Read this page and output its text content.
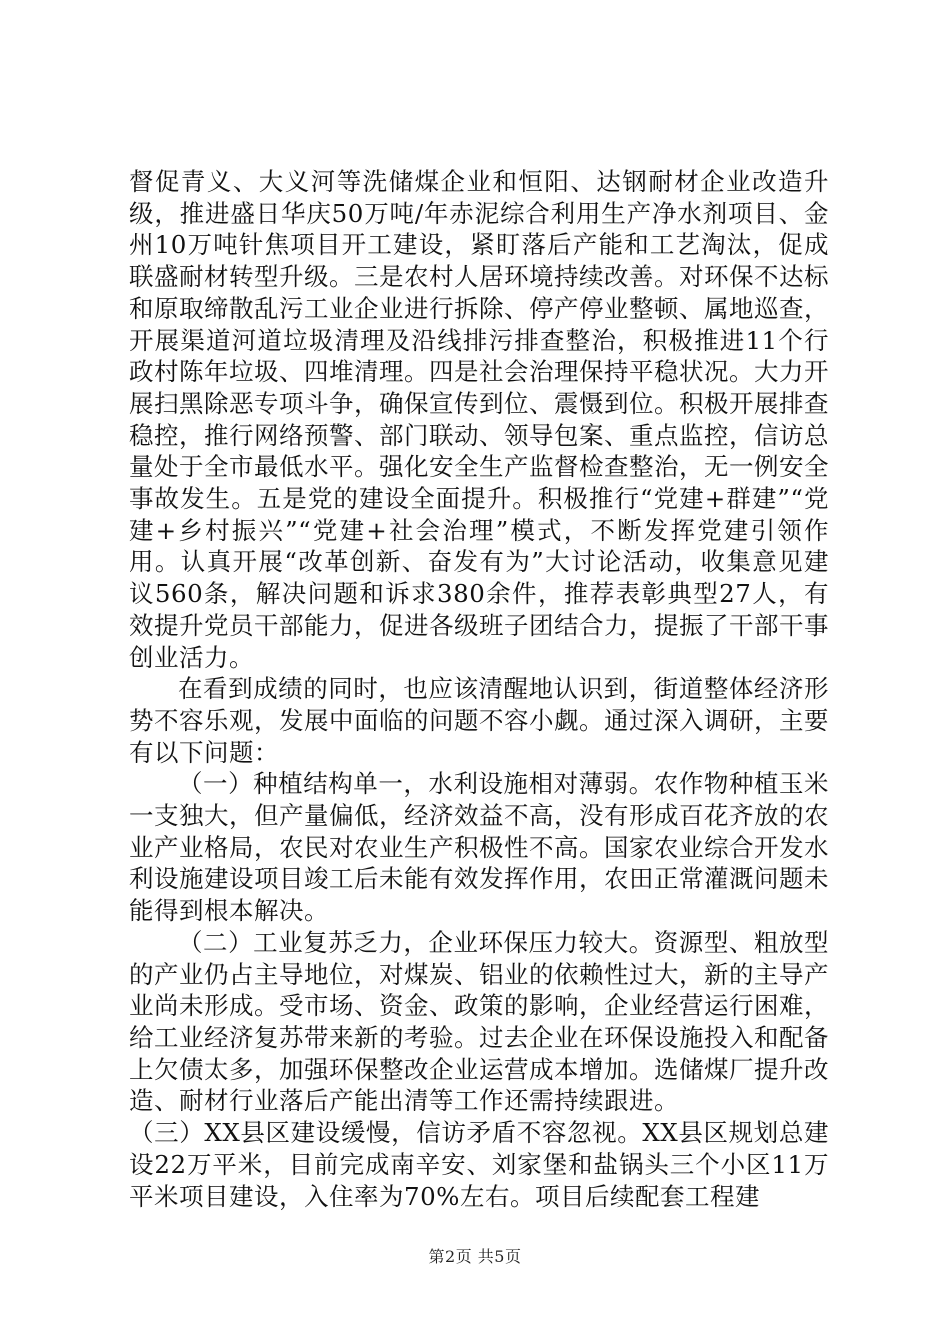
督促青义、大义河等洗储煤企业和恒阳、达钢耐材企业改造升级，推进盛日华庆50万吨/年赤泥综合利用生产净水剂项目、金州10万吨针焦项目开工建设，紧盯落后产能和工艺淘汰，促成联盛耐材转型升级。三是农村人居环境持续改善。对环保不达标和原取缔散乱污工业企业进行拆除、停产停业整顿、属地巡查，开展渠道河道垃圾清理及沿线排污排查整治，积极推进11个行政村陈年垃圾、四堆清理。四是社会治理保持平稳状况。大力开展扫黑除恶专项斗争，确保宣传到位、震慑到位。积极开展排查稳控，推行网络预警、部门联动、领导包案、重点监控，信访总量处于全市最低水平。强化安全生产监督检查整治，无一例安全事故发生。五是党的建设全面提升。积极推行“党建+群建”“党建+乡村振兴”“党建+社会治理”模式，不断发挥党建引领作用。认真开展“改革创新、奋发有为”大讨论活动，收集意见建议560条，解决问题和诉求380余件，推荐表彰典型27人，有效提升党员干部能力，促进各级班子团结合力，提振了干部干事创业活力。

在看到成绩的同时，也应该清醒地认识到，街道整体经济形势不容乐观，发展中面临的问题不容小觑。通过深入调研，主要有以下问题：

（一）种植结构单一，水利设施相对薄弱。农作物种植玉米一支独大，但产量偏低，经济效益不高，没有形成百花齐放的农业产业格局，农民对农业生产积极性不高。国家农业综合开发水利设施建设项目竣工后未能有效发挥作用，农田正常灌溉问题未能得到根本解决。

（二）工业复苏乏力，企业环保压力较大。资源型、粗放型的产业仍占主导地位，对煤炭、铝业的依赖性过大，新的主导产业尚未形成。受市场、资金、政策的影响，企业经营运行困难，给工业经济复苏带来新的考验。过去企业在环保设施投入和配备上欠债太多，加强环保整改企业运营成本增加。选储煤厂提升改造、耐材行业落后产能出清等工作还需持续跟进。

（三）XX县区建设缓慢，信访矛盾不容忽视。XX县区规划总建设22万平米，目前完成南辛安、刘家堡和盐锅头三个小区11万平米项目建设，入住率为70%左右。项目后续配套工程建

第2页 共5页
